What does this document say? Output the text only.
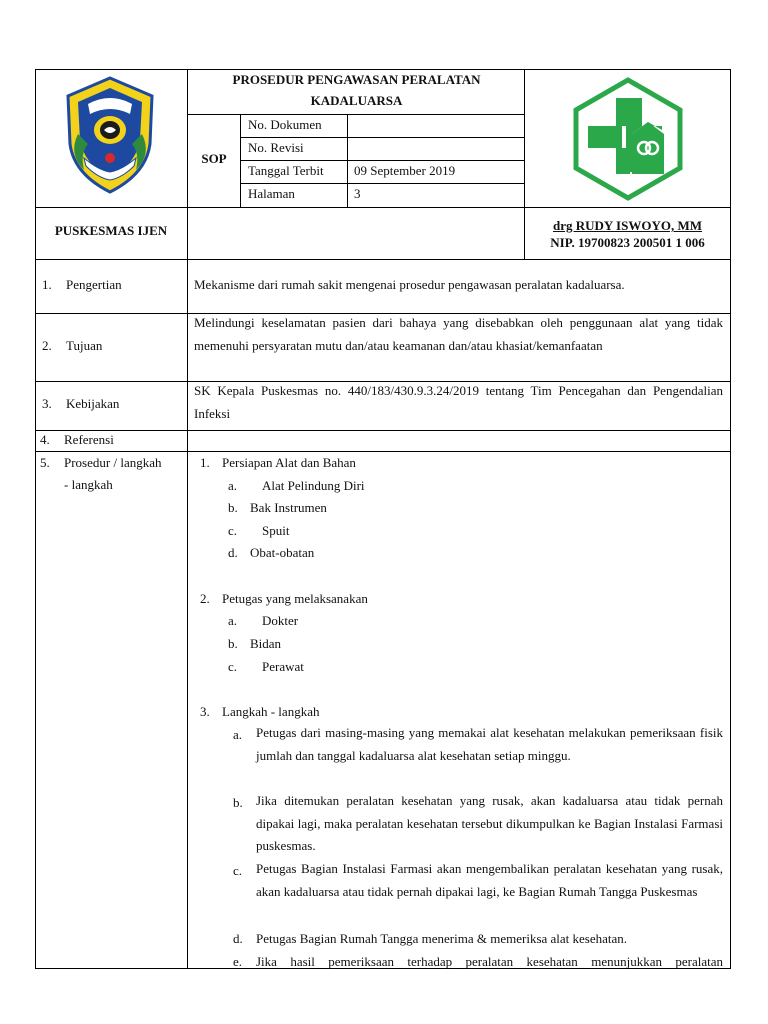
PROSEDUR PENGAWASAN PERALATAN
KADALUARSA
SOP
No. Dokumen
No. Revisi
Tanggal Terbit 09 September 2019
Halaman	3
PUSKESMAS IJEN	drg RUDY ISWOYO, MM
NIP. 19700823 200501 1 006
1. Pengertian
2. Tujuan
3. Kebijakan
4. Referensi
5. Prosedur / langkah
- langkah
Mekanisme dari rumah sakit mengenai prosedur pengawasan peralatan kadaluarsa.
Melindungi keselamatan pasien dari bahaya yang disebabkan oleh penggunaan alat yang tidak memenuhi persyaratan mutu dan/atau keamanan dan/atau khasiat/kemanfaatan
SK Kepala Puskesmas no. 440/183/430.9.3.24/2019 tentang Tim Pencegahan dan Pengendalian Infeksi
1. Persiapan Alat dan Bahan
a. Alat Pelindung Diri
b. Bak Instrumen
c. Spuit
d. Obat-obatan
2. Petugas yang melaksanakan
a. Dokter
b. Bidan
c. Perawat
3. Langkah - langkah
a. Petugas dari masing-masing yang memakai alat kesehatan melakukan pemeriksaan fisik jumlah dan tanggal kadaluarsa alat kesehatan setiap minggu.
b. Jika ditemukan peralatan kesehatan yang rusak, akan kadaluarsa atau tidak pernah dipakai lagi, maka peralatan kesehatan tersebut dikumpulkan ke Bagian Instalasi Farmasi puskesmas.
c. Petugas Bagian Instalasi Farmasi akan mengembalikan peralatan kesehatan yang rusak, akan kadaluarsa atau tidak pernah dipakai lagi, ke Bagian Rumah Tangga Puskesmas
d. Petugas Bagian Rumah Tangga menerima & memeriksa alat kesehatan.
e. Jika hasil pemeriksaan terhadap peralatan kesehatan menunjukkan peralatan
